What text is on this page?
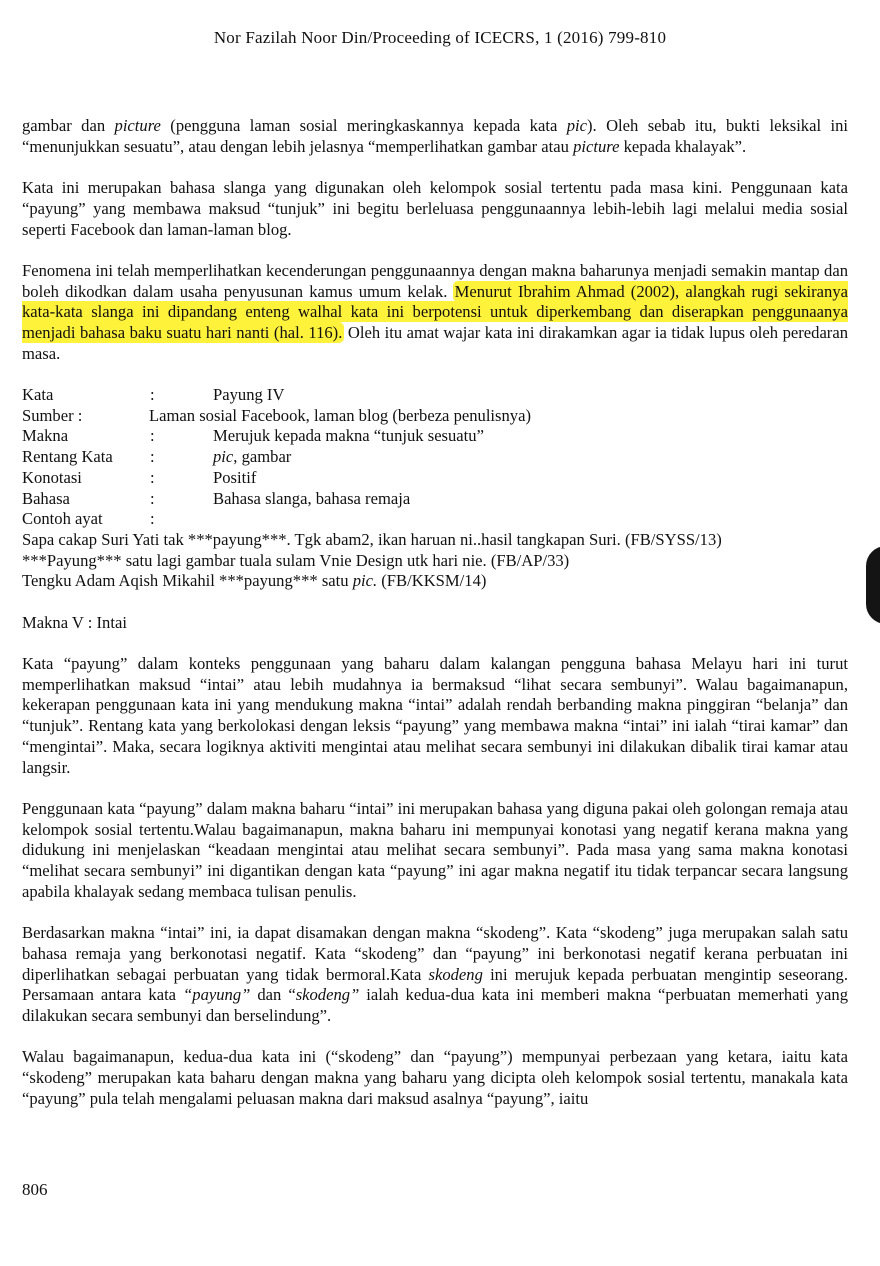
Nor Fazilah Noor Din/Proceeding of ICECRS, 1 (2016) 799-810

gambar dan picture (pengguna laman sosial meringkaskannya kepada kata pic). Oleh sebab itu, bukti leksikal ini “menunjukkan sesuatu”, atau dengan lebih jelasnya “memperlihatkan gambar atau picture kepada khalayak”.

Kata ini merupakan bahasa slanga yang digunakan oleh kelompok sosial tertentu pada masa kini. Penggunaan kata “payung” yang membawa maksud “tunjuk” ini begitu berleluasa penggunaannya lebih-lebih lagi melalui media sosial seperti Facebook dan laman-laman blog.

Fenomena ini telah memperlihatkan kecenderungan penggunaannya dengan makna baharunya menjadi semakin mantap dan boleh dikodkan dalam usaha penyusunan kamus umum kelak. Menurut Ibrahim Ahmad (2002), alangkah rugi sekiranya kata-kata slanga ini dipandang enteng walhal kata ini berpotensi untuk diperkembang dan diserapkan penggunaanya menjadi bahasa baku suatu hari nanti (hal. 116). Oleh itu amat wajar kata ini dirakamkan agar ia tidak lupus oleh peredaran masa.

Kata	:	Payung IV
Sumber :	Laman sosial Facebook, laman blog (berbeza penulisnya)
Makna	:	Merujuk kepada makna “tunjuk sesuatu”
Rentang Kata :	pic, gambar
Konotasi	:	Positif
Bahasa	:	Bahasa slanga, bahasa remaja
Contoh ayat	:
Sapa cakap Suri Yati tak ***payung***. Tgk abam2, ikan haruan ni..hasil tangkapan Suri. (FB/SYSS/13)
***Payung*** satu lagi gambar tuala sulam Vnie Design utk hari nie. (FB/AP/33)
Tengku Adam Aqish Mikahil ***payung*** satu pic. (FB/KKSM/14)

Makna V : Intai

Kata “payung” dalam konteks penggunaan yang baharu dalam kalangan pengguna bahasa Melayu hari ini turut memperlihatkan maksud “intai” atau lebih mudahnya ia bermaksud “lihat secara sembunyi”. Walau bagaimanapun, kekerapan penggunaan kata ini yang mendukung makna “intai” adalah rendah berbanding makna pinggiran “belanja” dan “tunjuk”. Rentang kata yang berkolokasi dengan leksis “payung” yang membawa makna “intai” ini ialah “tirai kamar” dan “mengintai”. Maka, secara logiknya aktiviti mengintai atau melihat secara sembunyi ini dilakukan dibalik tirai kamar atau langsir.

Penggunaan kata “payung” dalam makna baharu “intai” ini merupakan bahasa yang diguna pakai oleh golongan remaja atau kelompok sosial tertentu.Walau bagaimanapun, makna baharu ini mempunyai konotasi yang negatif kerana makna yang didukung ini menjelaskan “keadaan mengintai atau melihat secara sembunyi”. Pada masa yang sama makna konotasi “melihat secara sembunyi” ini digantikan dengan kata “payung” ini agar makna negatif itu tidak terpancar secara langsung apabila khalayak sedang membaca tulisan penulis.

Berdasarkan makna “intai” ini, ia dapat disamakan dengan makna “skodeng”. Kata “skodeng” juga merupakan salah satu bahasa remaja yang berkonotasi negatif. Kata “skodeng” dan “payung” ini berkonotasi negatif kerana perbuatan ini diperlihatkan sebagai perbuatan yang tidak bermoral.Kata skodeng ini merujuk kepada perbuatan mengintip seseorang. Persamaan antara kata “payung” dan “skodeng” ialah kedua-dua kata ini memberi makna “perbuatan memerhati yang dilakukan secara sembunyi dan berselindung”.

Walau bagaimanapun, kedua-dua kata ini (“skodeng” dan “payung”) mempunyai perbezaan yang ketara, iaitu kata “skodeng” merupakan kata baharu dengan makna yang baharu yang dicipta oleh kelompok sosial tertentu, manakala kata “payung” pula telah mengalami peluasan makna dari maksud asalnya “payung”, iaitu

806
